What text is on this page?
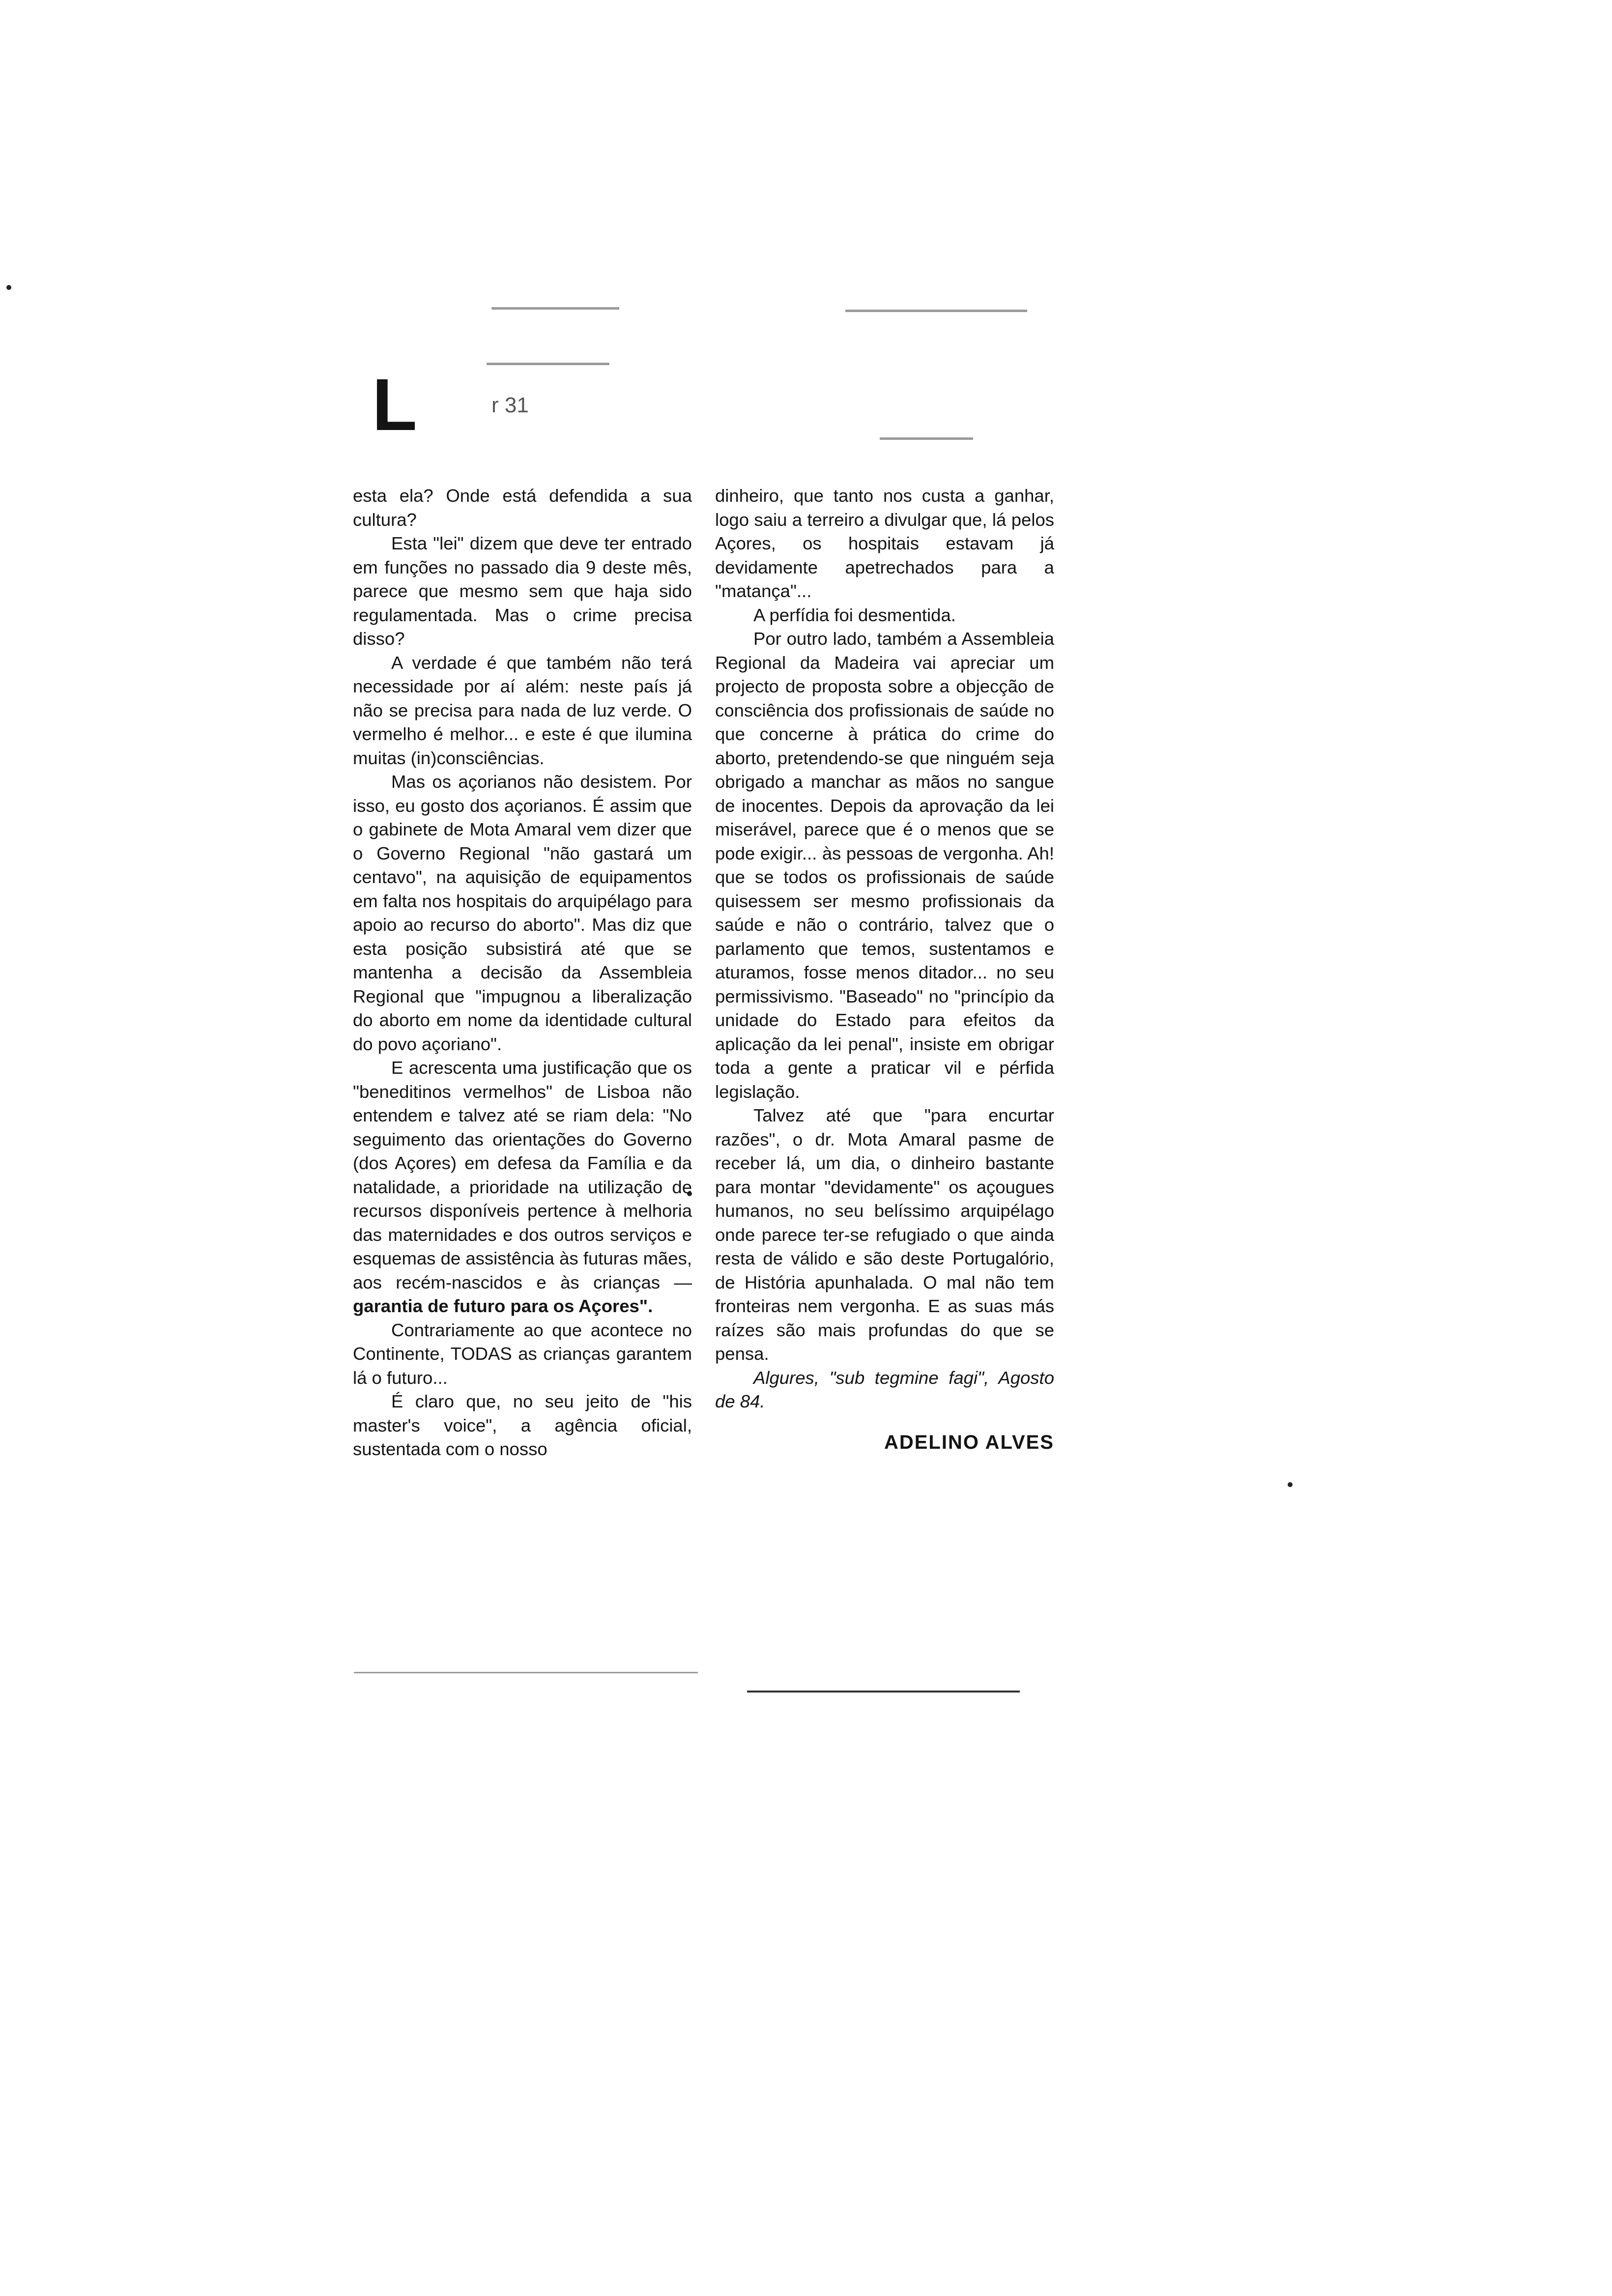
L	r 31

esta ela? Onde está defendida a sua cultura?

Esta "lei" dizem que deve ter entrado em funções no passado dia 9 deste mês, parece que mesmo sem que haja sido regulamentada. Mas o crime precisa disso?

A verdade é que também não terá necessidade por aí além: neste país já não se precisa para nada de luz verde. O vermelho é melhor... e este é que ilumina muitas (in)consciências.

Mas os açorianos não desistem. Por isso, eu gosto dos açorianos. É assim que o gabinete de Mota Amaral vem dizer que o Governo Regional "não gastará um centavo", na aquisição de equipamentos em falta nos hospitais do arquipélago para apoio ao recurso do aborto". Mas diz que esta posição subsistirá até que se mantenha a decisão da Assembleia Regional que "impugnou a liberalização do aborto em nome da identidade cultural do povo açoriano".

E acrescenta uma justificação que os "beneditinos vermelhos" de Lisboa não entendem e talvez até se riam dela: "No seguimento das orientações do Governo (dos Açores) em defesa da Família e da natalidade, a prioridade na utilização de recursos disponíveis pertence à melhoria das maternidades e dos outros serviços e esquemas de assistência às futuras mães, aos recém-nascidos e às crianças — garantia de futuro para os Açores".

Contrariamente ao que acontece no Continente, TODAS as crianças garantem lá o futuro...

É claro que, no seu jeito de "his master's voice", a agência oficial, sustentada com o nosso

dinheiro, que tanto nos custa a ganhar, logo saiu a terreiro a divulgar que, lá pelos Açores, os hospitais estavam já devidamente apetrechados para a "matança"...

A perfídia foi desmentida.

Por outro lado, também a Assembleia Regional da Madeira vai apreciar um projecto de proposta sobre a objecção de consciência dos profissionais de saúde no que concerne à prática do crime do aborto, pretendendo-se que ninguém seja obrigado a manchar as mãos no sangue de inocentes. Depois da aprovação da lei miserável, parece que é o menos que se pode exigir... às pessoas de vergonha. Ah! que se todos os profissionais de saúde quisessem ser mesmo profissionais da saúde e não o contrário, talvez que o parlamento que temos, sustentamos e aturamos, fosse menos ditador... no seu permissivismo. "Baseado" no "princípio da unidade do Estado para efeitos da aplicação da lei penal", insiste em obrigar toda a gente a praticar vil e pérfida legislação.

Talvez até que "para encurtar razões", o dr. Mota Amaral pasme de receber lá, um dia, o dinheiro bastante para montar "devidamente" os açougues humanos, no seu belíssimo arquipélago onde parece ter-se refugiado o que ainda resta de válido e são deste Portugalório, de História apunhalada. O mal não tem fronteiras nem vergonha. E as suas más raízes são mais profundas do que se pensa.

Algures, "sub tegmine fagi", Agosto de 84.

ADELINO ALVES
